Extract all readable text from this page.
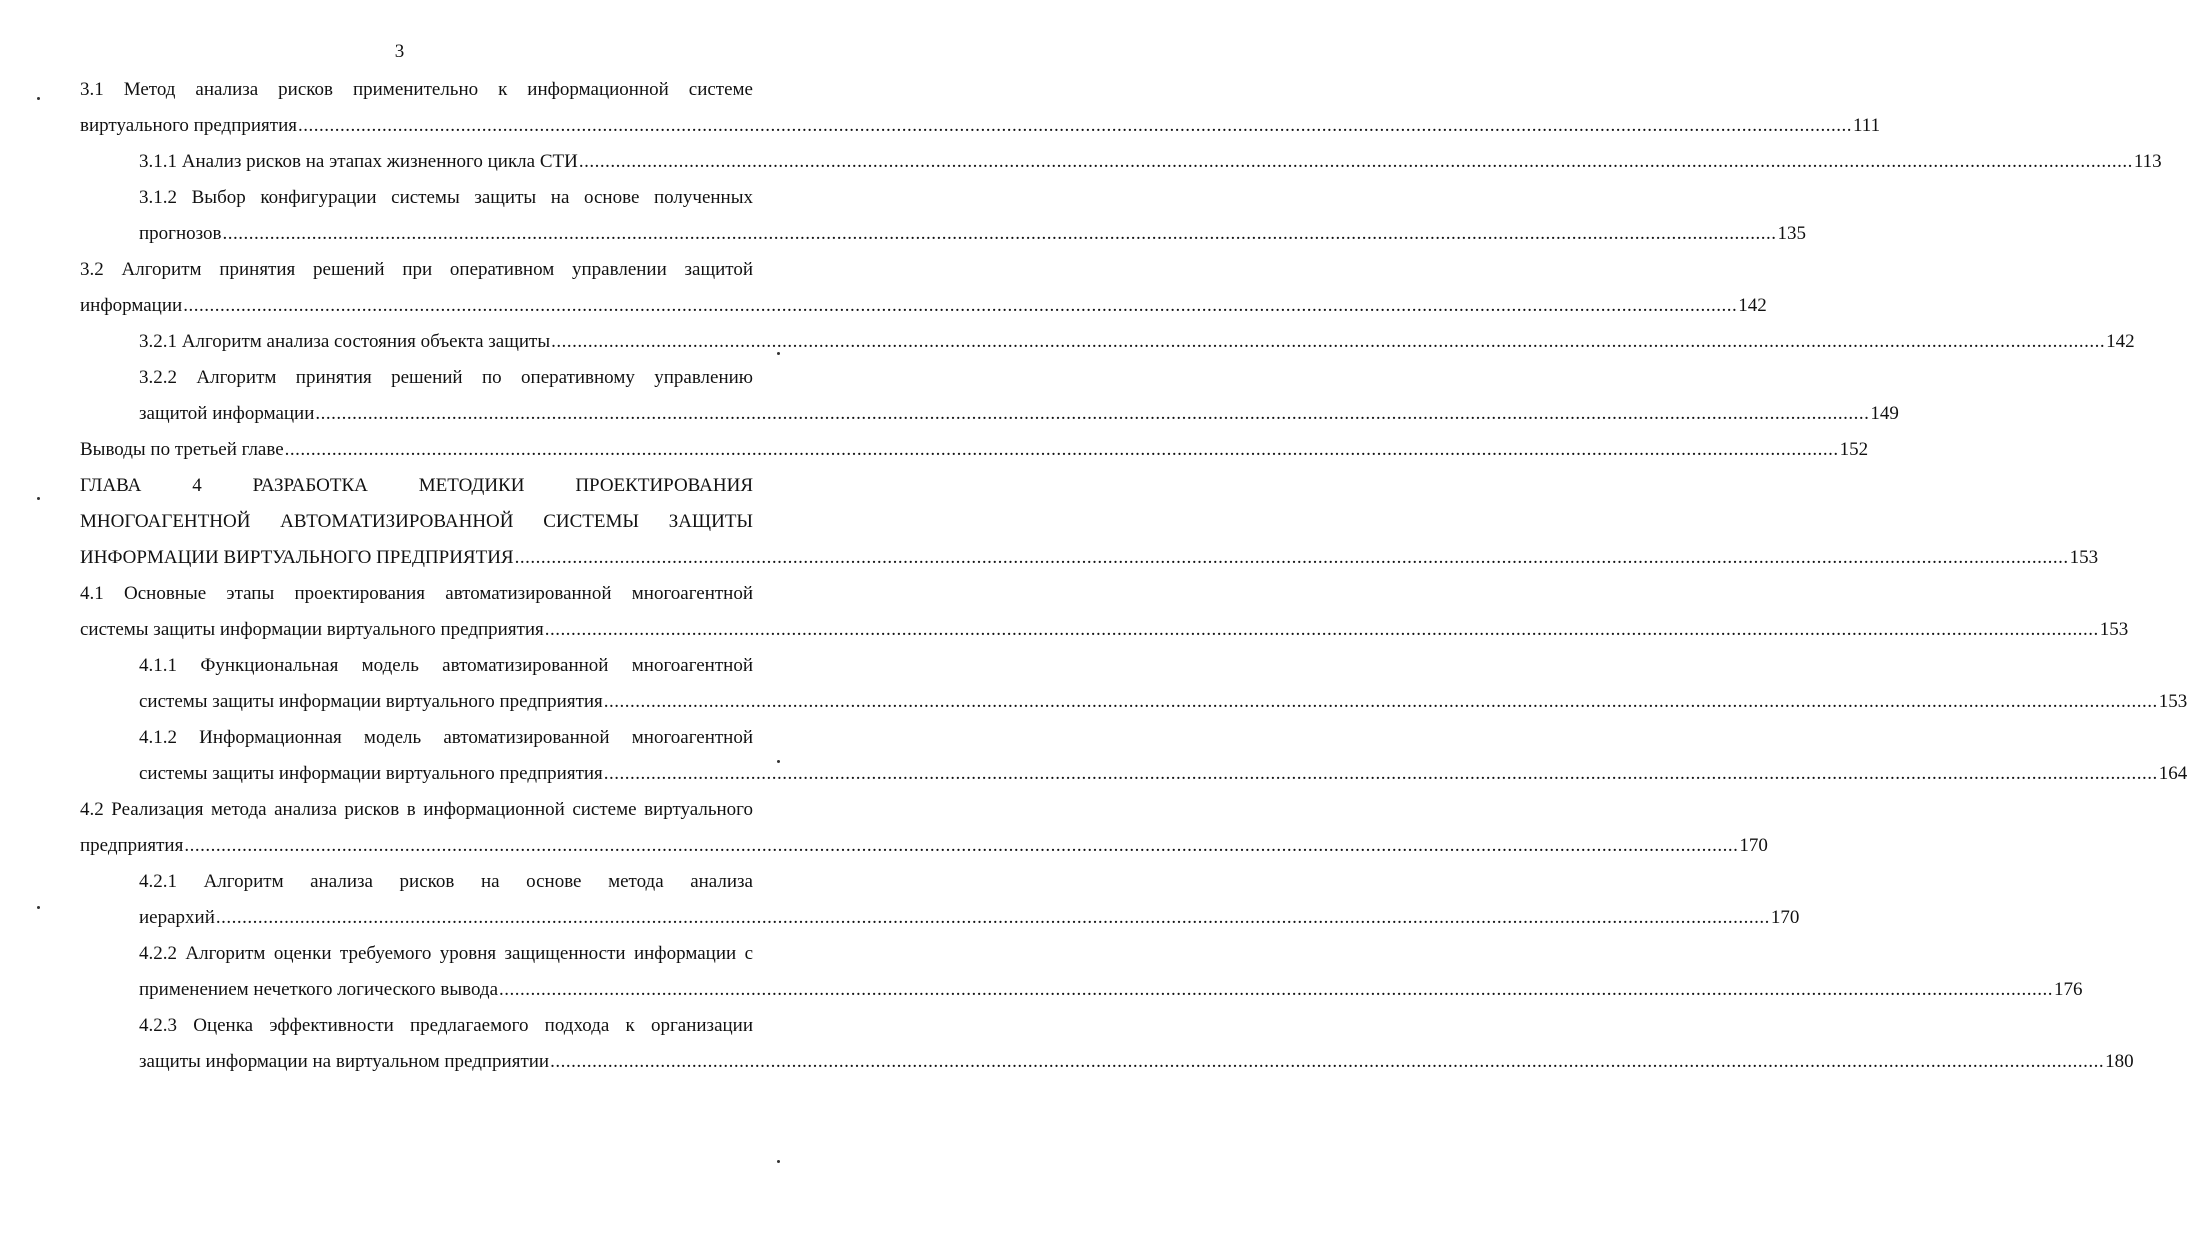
3
3.1 Метод анализа рисков применительно к информационной системе
виртуального предприятия ........................................................................................................................................................................................................................................................................................................ 111
3.1.1 Анализ рисков на этапах жизненного цикла СТИ ........................................................................................................................................................................................................................................................................................................ 113
3.1.2 Выбор конфигурации системы защиты на основе полученных
прогнозов ........................................................................................................................................................................................................................................................................................................ 135
3.2 Алгоритм принятия решений при оперативном управлении защитой
информации ........................................................................................................................................................................................................................................................................................................ 142
3.2.1 Алгоритм анализа состояния объекта защиты ........................................................................................................................................................................................................................................................................................................ 142
3.2.2 Алгоритм принятия решений по оперативному управлению
защитой информации ........................................................................................................................................................................................................................................................................................................ 149
Выводы по третьей главе ........................................................................................................................................................................................................................................................................................................ 152
ГЛАВА 4 РАЗРАБОТКА МЕТОДИКИ ПРОЕКТИРОВАНИЯ
МНОГОАГЕНТНОЙ АВТОМАТИЗИРОВАННОЙ СИСТЕМЫ ЗАЩИТЫ
ИНФОРМАЦИИ ВИРТУАЛЬНОГО ПРЕДПРИЯТИЯ ........................................................................................................................................................................................................................................................................................................ 153
4.1 Основные этапы проектирования автоматизированной многоагентной
системы защиты информации виртуального предприятия ........................................................................................................................................................................................................................................................................................................ 153
4.1.1 Функциональная модель автоматизированной многоагентной
системы защиты информации виртуального предприятия ........................................................................................................................................................................................................................................................................................................ 153
4.1.2 Информационная модель автоматизированной многоагентной
системы защиты информации виртуального предприятия ........................................................................................................................................................................................................................................................................................................ 164
4.2 Реализация метода анализа рисков в информационной системе виртуального
предприятия ........................................................................................................................................................................................................................................................................................................ 170
4.2.1 Алгоритм анализа рисков на основе метода анализа
иерархий ........................................................................................................................................................................................................................................................................................................ 170
4.2.2 Алгоритм оценки требуемого уровня защищенности информации с
применением нечеткого логического вывода ........................................................................................................................................................................................................................................................................................................ 176
4.2.3 Оценка эффективности предлагаемого подхода к организации
защиты информации на виртуальном предприятии ........................................................................................................................................................................................................................................................................................................ 180
